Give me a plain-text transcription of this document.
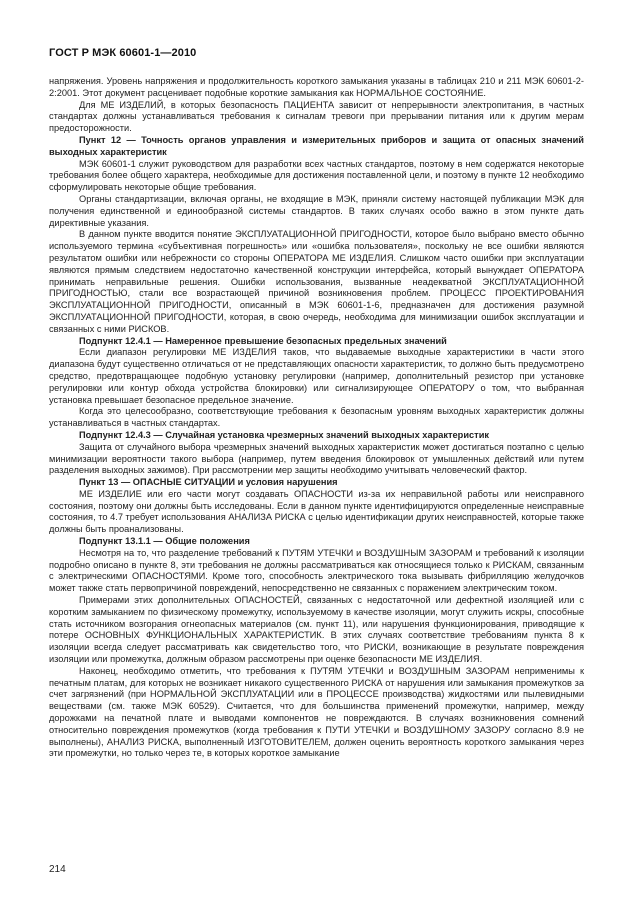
ГОСТ Р МЭК 60601-1—2010

напряжения. Уровень напряжения и продолжительность короткого замыкания указаны в таблицах 210 и 211 МЭК 60601-2-2:2001. Этот документ расценивает подобные короткие замыкания как НОРМАЛЬНОЕ СОСТОЯНИЕ.

Для МЕ ИЗДЕЛИЙ, в которых безопасность ПАЦИЕНТА зависит от непрерывности электропитания, в частных стандартах должны устанавливаться требования к сигналам тревоги при прерывании питания или к другим мерам предосторожности.

Пункт 12 — Точность органов управления и измерительных приборов и защита от опасных значений выходных характеристик

МЭК 60601-1 служит руководством для разработки всех частных стандартов, поэтому в нем содержатся некоторые требования более общего характера, необходимые для достижения поставленной цели, и поэтому в пункте 12 необходимо сформулировать некоторые общие требования.

Органы стандартизации, включая органы, не входящие в МЭК, приняли систему настоящей публикации МЭК для получения единственной и единообразной системы стандартов. В таких случаях особо важно в этом пункте дать директивные указания.

В данном пункте вводится понятие ЭКСПЛУАТАЦИОННОЙ ПРИГОДНОСТИ, которое было выбрано вместо обычно используемого термина «субъективная погрешность» или «ошибка пользователя», поскольку не все ошибки являются результатом ошибки или небрежности со стороны ОПЕРАТОРА МЕ ИЗДЕЛИЯ. Слишком часто ошибки при эксплуатации являются прямым следствием недостаточно качественной конструкции интерфейса, который вынуждает ОПЕРАТОРА принимать неправильные решения. Ошибки использования, вызванные неадекватной ЭКСПЛУАТАЦИОННОЙ ПРИГОДНОСТЬЮ, стали все возрастающей причиной возникновения проблем. ПРОЦЕСС ПРОЕКТИРОВАНИЯ ЭКСПЛУАТАЦИОННОЙ ПРИГОДНОСТИ, описанный в МЭК 60601-1-6, предназначен для достижения разумной ЭКСПЛУАТАЦИОННОЙ ПРИГОДНОСТИ, которая, в свою очередь, необходима для минимизации ошибок эксплуатации и связанных с ними РИСКОВ.

Подпункт 12.4.1 — Намеренное превышение безопасных предельных значений

Если диапазон регулировки МЕ ИЗДЕЛИЯ таков, что выдаваемые выходные характеристики в части этого диапазона будут существенно отличаться от не представляющих опасности характеристик, то должно быть предусмотрено средство, предотвращающее подобную установку регулировки (например, дополнительный резистор при установке регулировки или контур обхода устройства блокировки) или сигнализирующее ОПЕРАТОРУ о том, что выбранная установка превышает безопасное предельное значение.

Когда это целесообразно, соответствующие требования к безопасным уровням выходных характеристик должны устанавливаться в частных стандартах.

Подпункт 12.4.3 — Случайная установка чрезмерных значений выходных характеристик

Защита от случайного выбора чрезмерных значений выходных характеристик может достигаться поэтапно с целью минимизации вероятности такого выбора (например, путем введения блокировок от умышленных действий или путем разделения выходных зажимов). При рассмотрении мер защиты необходимо учитывать человеческий фактор.

Пункт 13 — ОПАСНЫЕ СИТУАЦИИ и условия нарушения

МЕ ИЗДЕЛИЕ или его части могут создавать ОПАСНОСТИ из-за их неправильной работы или неисправного состояния, поэтому они должны быть исследованы. Если в данном пункте идентифицируются определенные неисправные состояния, то 4.7 требует использования АНАЛИЗА РИСКА с целью идентификации других неисправностей, которые также должны быть проанализованы.

Подпункт 13.1.1 — Общие положения

Несмотря на то, что разделение требований к ПУТЯМ УТЕЧКИ и ВОЗДУШНЫМ ЗАЗОРАМ и требований к изоляции подробно описано в пункте 8, эти требования не должны рассматриваться как относящиеся только к РИСКАМ, связанным с электрическими ОПАСНОСТЯМИ. Кроме того, способность электрического тока вызывать фибрилляцию желудочков может также стать первопричиной повреждений, непосредственно не связанных с поражением электрическим током.

Примерами этих дополнительных ОПАСНОСТЕЙ, связанных с недостаточной или дефектной изоляцией или с коротким замыканием по физическому промежутку, используемому в качестве изоляции, могут служить искры, способные стать источником возгорания огнеопасных материалов (см. пункт 11), или нарушения функционирования, приводящие к потере ОСНОВНЫХ ФУНКЦИОНАЛЬНЫХ ХАРАКТЕРИСТИК. В этих случаях соответствие требованиям пункта 8 к изоляции всегда следует рассматривать как свидетельство того, что РИСКИ, возникающие в результате повреждения изоляции или промежутка, должным образом рассмотрены при оценке безопасности МЕ ИЗДЕЛИЯ.

Наконец, необходимо отметить, что требования к ПУТЯМ УТЕЧКИ и ВОЗДУШНЫМ ЗАЗОРАМ неприменимы к печатным платам, для которых не возникает никакого существенного РИСКА от нарушения или замыкания промежутков за счет загрязнений (при НОРМАЛЬНОЙ ЭКСПЛУАТАЦИИ или в ПРОЦЕССЕ производства) жидкостями или пылевидными веществами (см. также МЭК 60529). Считается, что для большинства применений промежутки, например, между дорожками на печатной плате и выводами компонентов не повреждаются. В случаях возникновения сомнений относительно повреждения промежутков (когда требования к ПУТИ УТЕЧКИ и ВОЗДУШНОМУ ЗАЗОРУ согласно 8.9 не выполнены), АНАЛИЗ РИСКА, выполненный ИЗГОТОВИТЕЛЕМ, должен оценить вероятность короткого замыкания через эти промежутки, но только через те, в которых короткое замыкание

214
